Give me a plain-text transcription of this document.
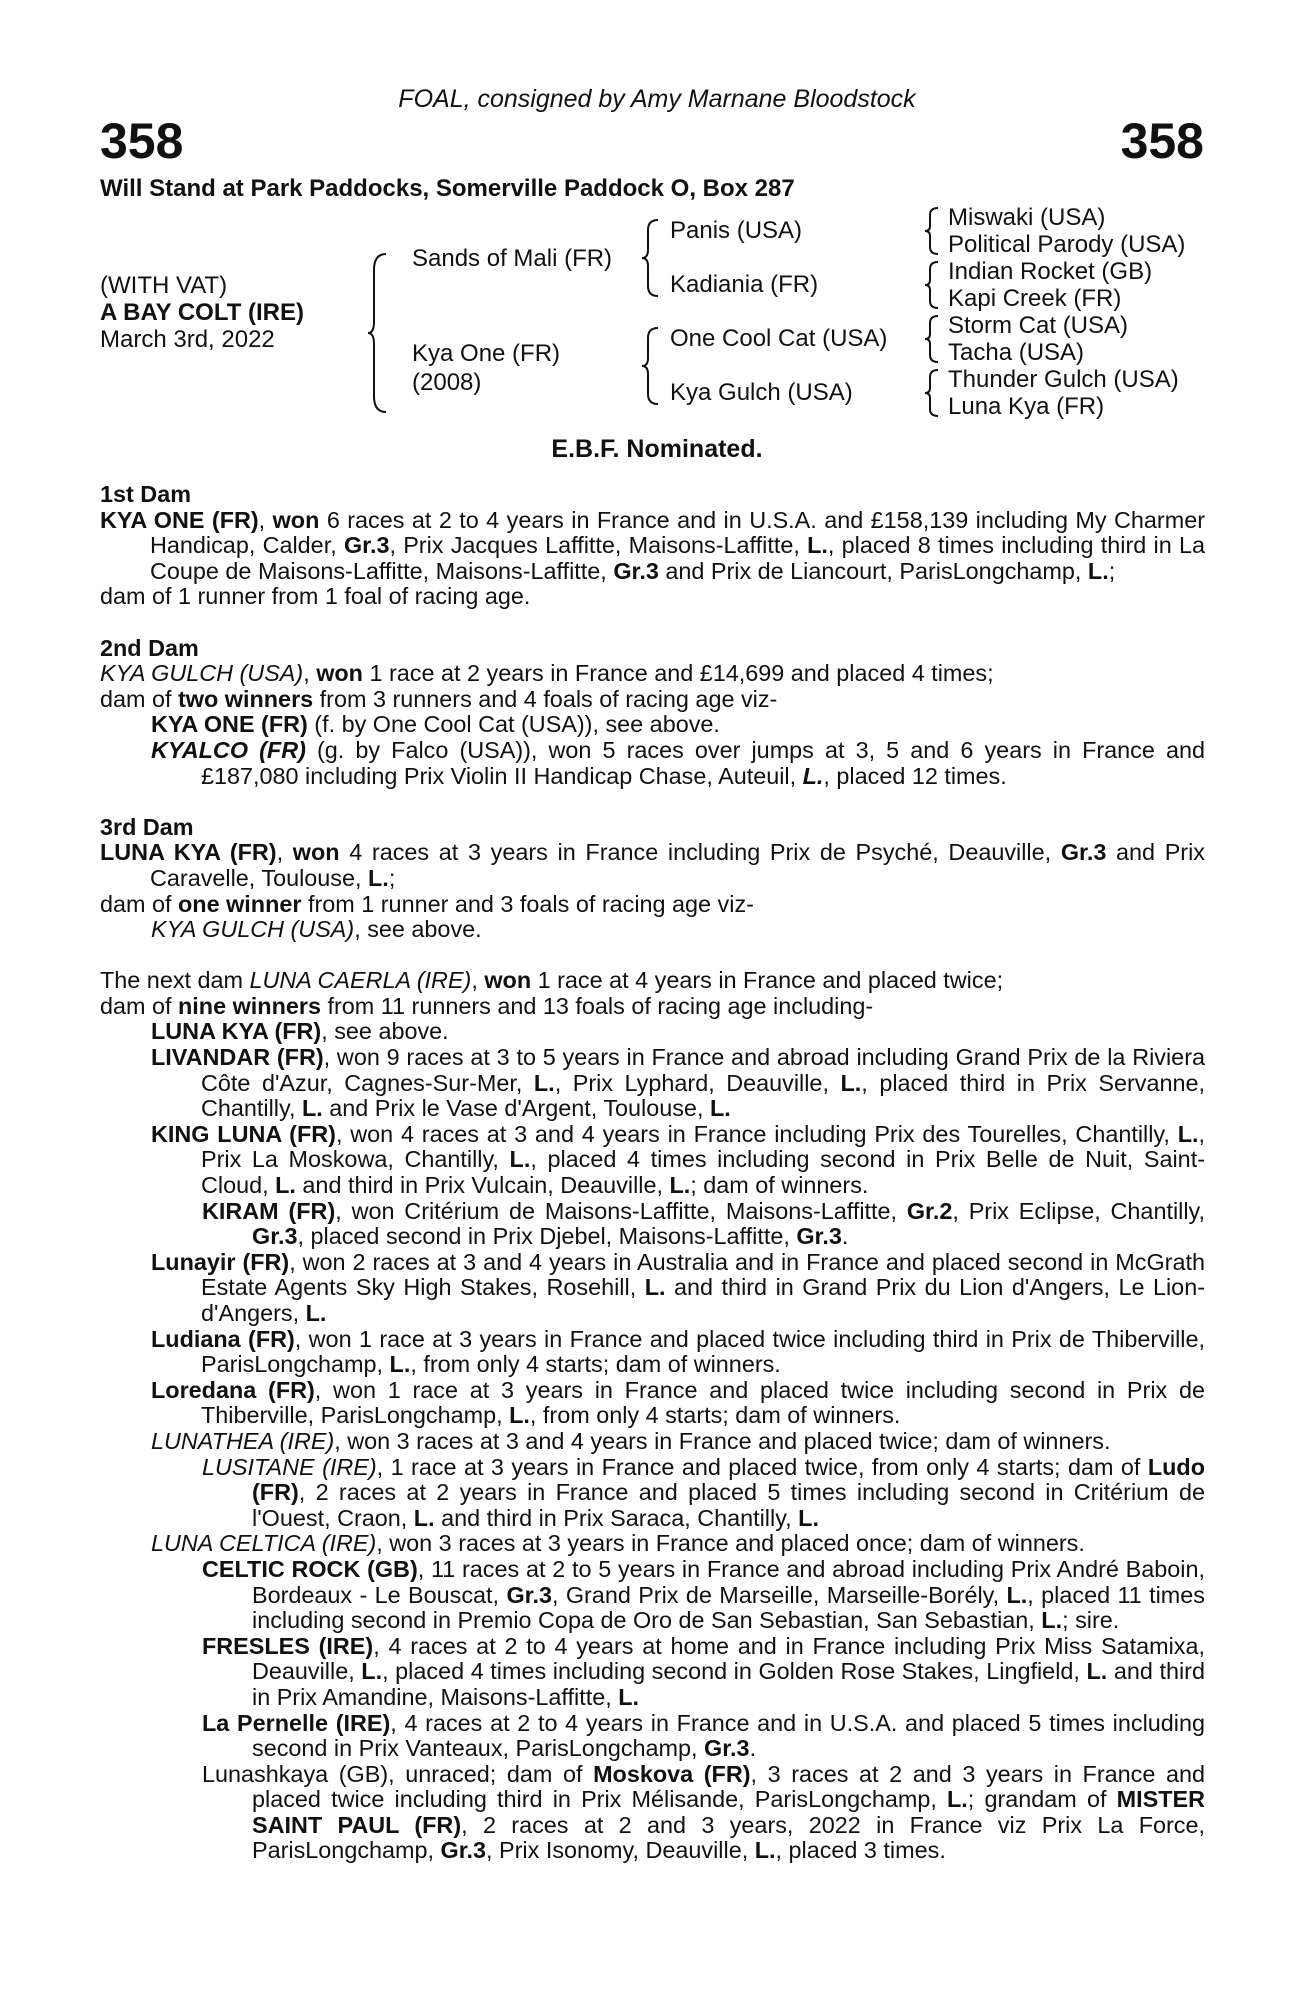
FOAL, consigned by Amy Marnane Bloodstock
358	358
Will Stand at Park Paddocks, Somerville Paddock O, Box 287
(WITH VAT)
A BAY COLT (IRE)
March 3rd, 2022
Sands of Mali (FR)
Kya One (FR)
(2008)
Panis (USA)
Kadiania (FR)
One Cool Cat (USA)
Kya Gulch (USA)
Miswaki (USA)
Political Parody (USA)
Indian Rocket (GB)
Kapi Creek (FR)
Storm Cat (USA)
Tacha (USA)
Thunder Gulch (USA)
Luna Kya (FR)
E.B.F. Nominated.

1st Dam

KYA ONE (FR), won 6 races at 2 to 4 years in France and in U.S.A. and £158,139 including My Charmer Handicap, Calder, Gr.3, Prix Jacques Laffitte, Maisons-Laffitte, L., placed 8 times including third in La Coupe de Maisons-Laffitte, Maisons-Laffitte, Gr.3 and Prix de Liancourt, ParisLongchamp, L.;

dam of 1 runner from 1 foal of racing age.

2nd Dam

KYA GULCH (USA), won 1 race at 2 years in France and £14,699 and placed 4 times;

dam of two winners from 3 runners and 4 foals of racing age viz-

KYA ONE (FR) (f. by One Cool Cat (USA)), see above.

KYALCO (FR) (g. by Falco (USA)), won 5 races over jumps at 3, 5 and 6 years in France and £187,080 including Prix Violin II Handicap Chase, Auteuil, L., placed 12 times.

3rd Dam

LUNA KYA (FR), won 4 races at 3 years in France including Prix de Psyché, Deauville, Gr.3 and Prix Caravelle, Toulouse, L.;

dam of one winner from 1 runner and 3 foals of racing age viz-

KYA GULCH (USA), see above.

The next dam LUNA CAERLA (IRE), won 1 race at 4 years in France and placed twice;

dam of nine winners from 11 runners and 13 foals of racing age including-

LUNA KYA (FR), see above.

LIVANDAR (FR), won 9 races at 3 to 5 years in France and abroad including Grand Prix de la Riviera Côte d'Azur, Cagnes-Sur-Mer, L., Prix Lyphard, Deauville, L., placed third in Prix Servanne, Chantilly, L. and Prix le Vase d'Argent, Toulouse, L.

KING LUNA (FR), won 4 races at 3 and 4 years in France including Prix des Tourelles, Chantilly, L., Prix La Moskowa, Chantilly, L., placed 4 times including second in Prix Belle de Nuit, Saint-Cloud, L. and third in Prix Vulcain, Deauville, L.; dam of winners.

KIRAM (FR), won Critérium de Maisons-Laffitte, Maisons-Laffitte, Gr.2, Prix Eclipse, Chantilly, Gr.3, placed second in Prix Djebel, Maisons-Laffitte, Gr.3.

Lunayir (FR), won 2 races at 3 and 4 years in Australia and in France and placed second in McGrath Estate Agents Sky High Stakes, Rosehill, L. and third in Grand Prix du Lion d'Angers, Le Lion-d'Angers, L.

Ludiana (FR), won 1 race at 3 years in France and placed twice including third in Prix de Thiberville, ParisLongchamp, L., from only 4 starts; dam of winners.

Loredana (FR), won 1 race at 3 years in France and placed twice including second in Prix de Thiberville, ParisLongchamp, L., from only 4 starts; dam of winners.

LUNATHEA (IRE), won 3 races at 3 and 4 years in France and placed twice; dam of winners.

LUSITANE (IRE), 1 race at 3 years in France and placed twice, from only 4 starts; dam of Ludo (FR), 2 races at 2 years in France and placed 5 times including second in Critérium de l'Ouest, Craon, L. and third in Prix Saraca, Chantilly, L.

LUNA CELTICA (IRE), won 3 races at 3 years in France and placed once; dam of winners.

CELTIC ROCK (GB), 11 races at 2 to 5 years in France and abroad including Prix André Baboin, Bordeaux - Le Bouscat, Gr.3, Grand Prix de Marseille, Marseille-Borély, L., placed 11 times including second in Premio Copa de Oro de San Sebastian, San Sebastian, L.; sire.

FRESLES (IRE), 4 races at 2 to 4 years at home and in France including Prix Miss Satamixa, Deauville, L., placed 4 times including second in Golden Rose Stakes, Lingfield, L. and third in Prix Amandine, Maisons-Laffitte, L.

La Pernelle (IRE), 4 races at 2 to 4 years in France and in U.S.A. and placed 5 times including second in Prix Vanteaux, ParisLongchamp, Gr.3.

Lunashkaya (GB), unraced; dam of Moskova (FR), 3 races at 2 and 3 years in France and placed twice including third in Prix Mélisande, ParisLongchamp, L.; grandam of MISTER SAINT PAUL (FR), 2 races at 2 and 3 years, 2022 in France viz Prix La Force, ParisLongchamp, Gr.3, Prix Isonomy, Deauville, L., placed 3 times.
